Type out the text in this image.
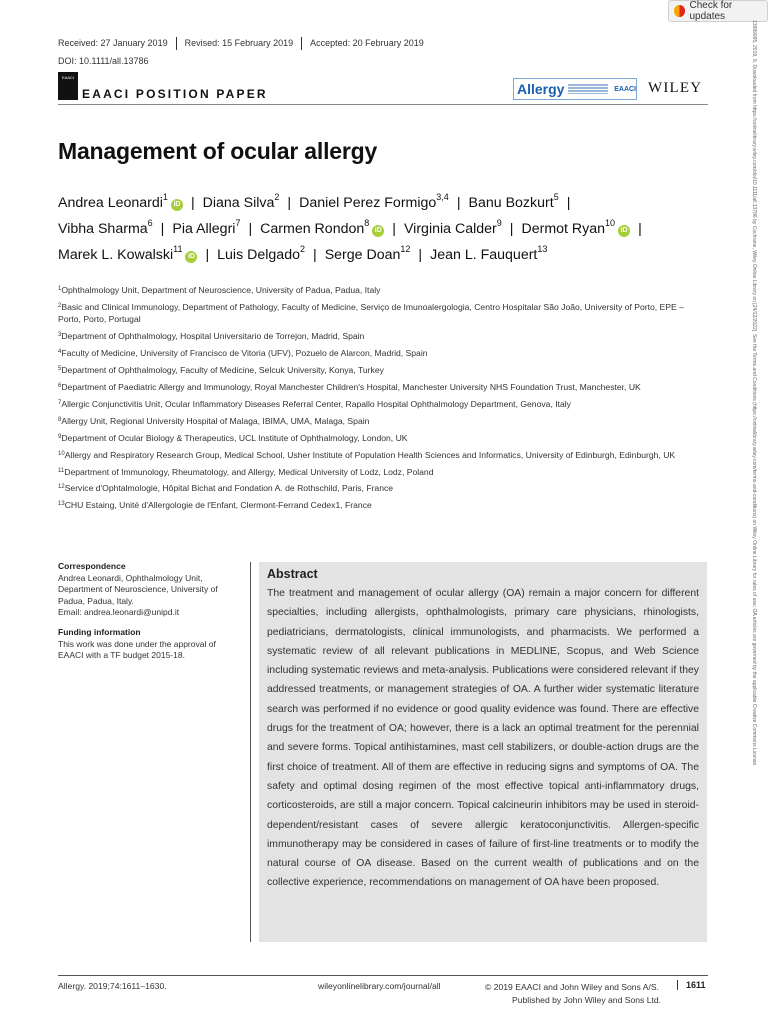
Check for updates
Received: 27 January 2019	Revised: 15 February 2019	Accepted: 20 February 2019
DOI: 10.1111/all.13786
EAACI
EAACI POSITION PAPER	Allergy	EAACI WILEY
Management of ocular allergy
Andrea Leonardi$^1$iD | Diana Silva$^2$ | Daniel Perez Formigo$^{3,4}$ | Banu Bozkurt$^5$ |
Vibha Sharma$^6$ | Pia Allegri$^7$ | Carmen Rondon$^8$iD | Virginia Calder$^9$ | Dermot Ryan$^{10}$iD |
Marek L. Kowalski$^{11}$iD | Luis Delgado$^2$ | Serge Doan$^{12}$ | Jean L. Fauquert$^{13}$
$^1$Ophthalmology Unit, Department of Neuroscience, University of Padua, Padua, Italy
$^2$Basic and Clinical Immunology, Department of Pathology, Faculty of Medicine, Serviço de Imunoalergologia, Centro Hospitalar São João, University of Porto, EPE – Porto, Porto, Portugal
$^3$Department of Ophthalmology, Hospital Universitario de Torrejon, Madrid, Spain
$^4$Faculty of Medicine, University of Francisco de Vitoria (UFV), Pozuelo de Alarcon, Madrid, Spain
$^5$Department of Ophthalmology, Faculty of Medicine, Selcuk University, Konya, Turkey
$^6$Department of Paediatric Allergy and Immunology, Royal Manchester Children's Hospital, Manchester University NHS Foundation Trust, Manchester, UK
$^7$Allergic Conjunctivitis Unit, Ocular Inflammatory Diseases Referral Center, Rapallo Hospital Ophthalmology Department, Genova, Italy
$^8$Allergy Unit, Regional University Hospital of Malaga, IBIMA, UMA, Malaga, Spain
$^9$Department of Ocular Biology & Therapeutics, UCL Institute of Ophthalmology, London, UK
$^{10}$Allergy and Respiratory Research Group, Medical School, Usher Institute of Population Health Sciences and Informatics, University of Edinburgh, Edinburgh, UK
$^{11}$Department of Immunology, Rheumatology, and Allergy, Medical University of Lodz, Lodz, Poland
$^{12}$Service d'Ophtalmologie, Hôpital Bichat and Fondation A. de Rothschild, Paris, France
$^{13}$CHU Estaing, Unité d'Allergologie de l'Enfant, Clermont-Ferrand Cedex1, France
Correspondence
Andrea Leonardi, Ophthalmology Unit,
Department of Neuroscience, University of
Padua, Padua, Italy.
Email: andrea.leonardi@unipd.it
Funding information
This work was done under the approval of
EAACI with a TF budget 2015-18.
Abstract
The treatment and management of ocular allergy (OA) remain a major concern for different specialties, including allergists, ophthalmologists, primary care physicians, rhinologists, pediatricians, dermatologists, clinical immunologists, and pharmacists. We performed a systematic review of all relevant publications in MEDLINE, Scopus, and Web Science including systematic reviews and meta-analysis. Publications were considered relevant if they addressed treatments, or management strategies of OA. A further wider systematic literature search was performed if no evidence or good quality evidence was found. There are effective drugs for the treatment of OA; however, there is a lack an optimal treatment for the perennial and severe forms. Topical antihistamines, mast cell stabilizers, or double-action drugs are the first choice of treatment. All of them are effective in reducing signs and symptoms of OA. The safety and optimal dosing regimen of the most effective topical anti-inflammatory drugs, corticosteroids, are still a major concern. Topical calcineurin inhibitors may be used in steroid-dependent/resistant cases of severe allergic keratoconjunctivitis. Allergen-specific immunotherapy may be considered in cases of failure of first-line treatments or to modify the natural course of OA disease. Based on the current wealth of publications and on the collective experience, recommendations on management of OA have been proposed.
Allergy. 2019;74:1611–1630.	wileyonlinelibrary.com/journal/all	© 2019 EAACI and John Wiley and Sons A/S.
Published by John Wiley and Sons Ltd.
1611
13989995, 2019, 9, Downloaded from https://onlinelibrary.wiley.com/doi/10.1111/all.13786 by Cochrane, Wiley Online Library on [24/12/2022]. See the Terms and Conditions (https://onlinelibrary.wiley.com/terms-and-conditions) on Wiley Online Library for rules of use; OA articles are governed by the applicable Creative Commons License
